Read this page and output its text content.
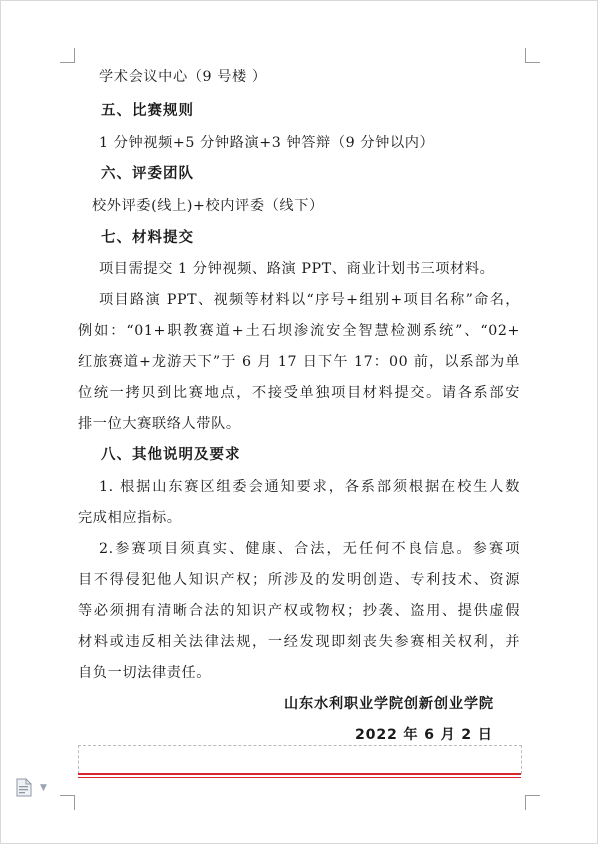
学术会议中心（9 号楼 ）
五、比赛规则
1 分钟视频+5 分钟路演+3 钟答辩（9 分钟以内）
六、评委团队
校外评委(线上)+校内评委（线下）
七、材料提交
项目需提交 1 分钟视频、路演 PPT、商业计划书三项材料。
项目路演 PPT、视频等材料以“序号+组别+项目名称”命名，
例如：“01+职教赛道+土石坝渗流安全智慧检测系统”、“02+
红旅赛道+龙游天下”于 6 月 17 日下午 17：00 前，以系部为单
位统一拷贝到比赛地点，不接受单独项目材料提交。请各系部安
排一位大赛联络人带队。
八、其他说明及要求
1. 根据山东赛区组委会通知要求，各系部须根据在校生人数
完成相应指标。
2.参赛项目须真实、健康、合法，无任何不良信息。参赛项
目不得侵犯他人知识产权；所涉及的发明创造、专利技术、资源
等必须拥有清晰合法的知识产权或物权；抄袭、盗用、提供虚假
材料或违反相关法律法规，一经发现即刻丧失参赛相关权利，并
自负一切法律责任。
山东水利职业学院创新创业学院
2022 年 6 月 2 日
▼
